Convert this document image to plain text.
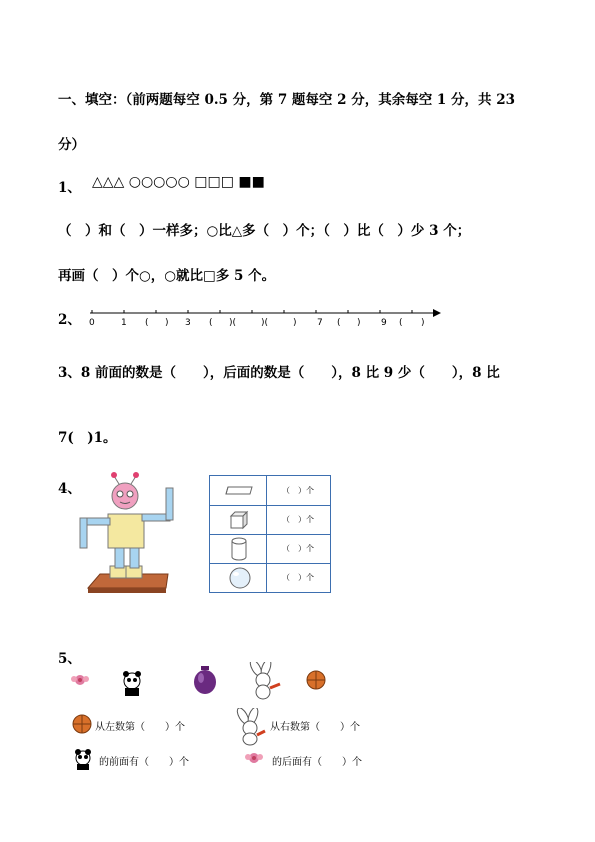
一、填空：（前两题每空 0.5 分，第 7 题每空 2 分，其余每空 1 分，共 23
分）
1、 △△△ ○○○○○ □□□ ■■
（　）和（　）一样多；○比△多（　）个；（　）比（　）少 3 个；
再画（　）个○，○就比□多 5 个。
2、 0	1 ( ) 3 ( )(	)(	) 7 ( ) 9 ( )
3、8 前面的数是（　　），后面的数是（　　），8 比 9 少（　　），8 比
7(　)1。
4、	（　）个
（　）个
（　）个
（　）个
5、
从左数第（　　）个	从右数第（　　）个
的前面有（　　）个	的后面有（　　）个
